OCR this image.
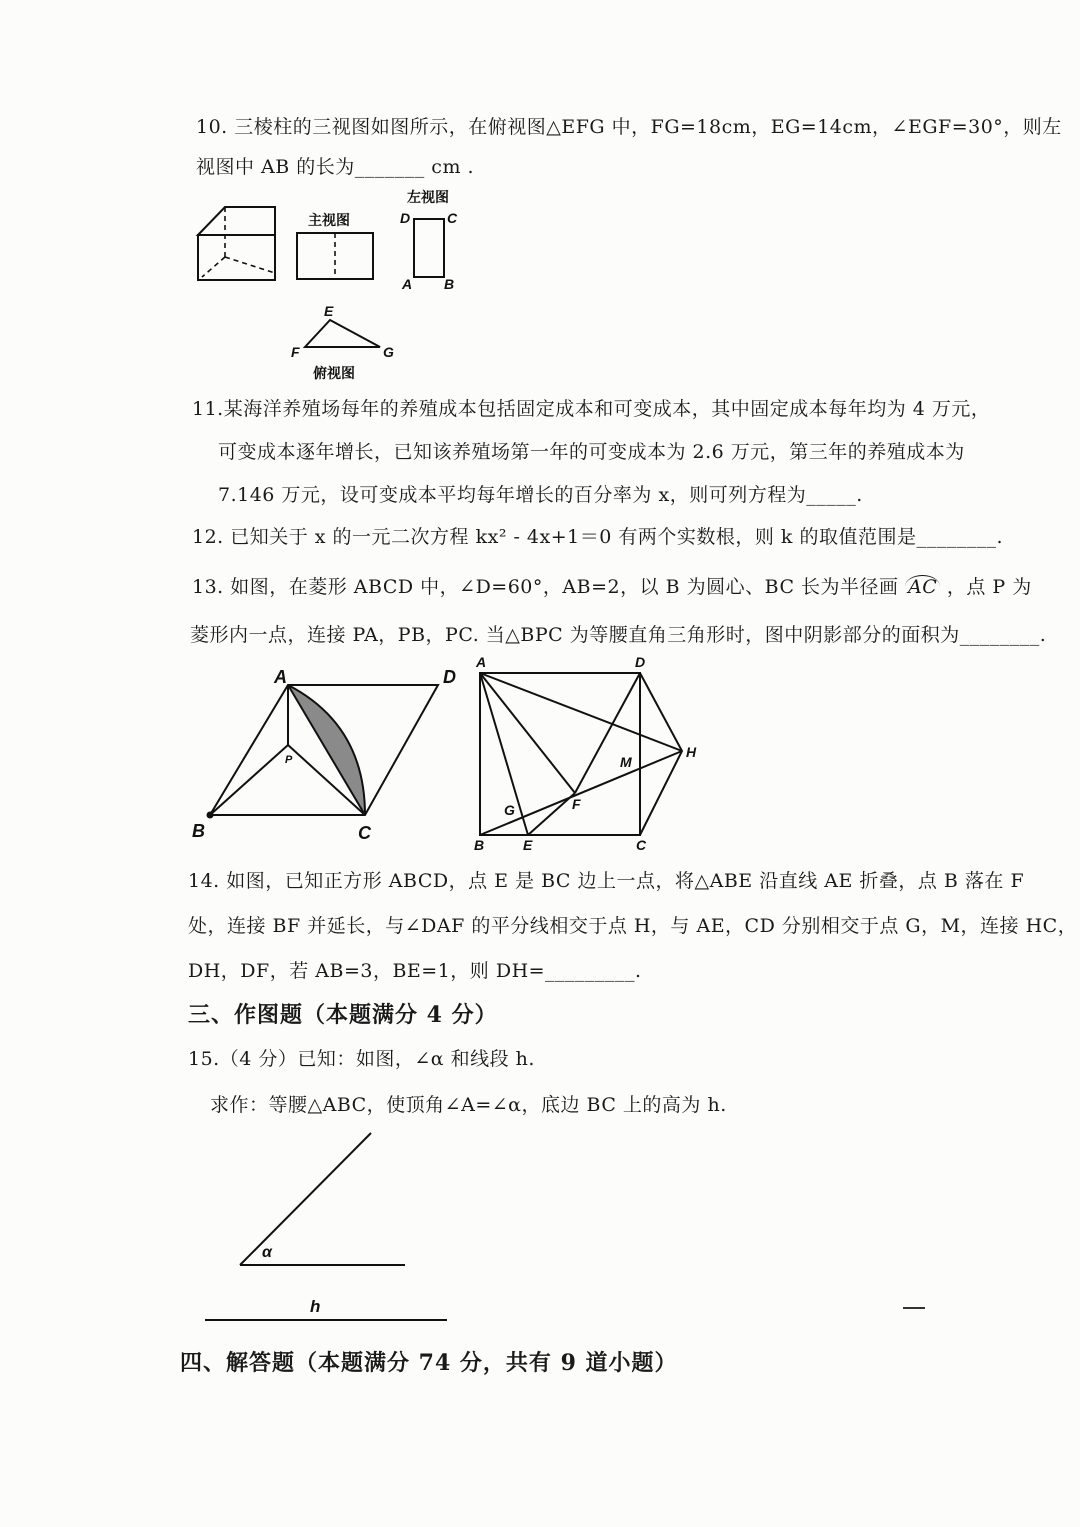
10. 三棱柱的三视图如图所示，在俯视图△EFG 中，FG=18cm，EG=14cm，∠EGF=30°，则左
视图中 AB 的长为_______ cm .
主视图
左视图
D	C
A B
E
F	G
俯视图
11.某海洋养殖场每年的养殖成本包括固定成本和可变成本，其中固定成本每年均为 4 万元，
可变成本逐年增长，已知该养殖场第一年的可变成本为 2.6 万元，第三年的养殖成本为
7.146 万元，设可变成本平均每年增长的百分率为 x，则可列方程为_____.
12. 已知关于 x 的一元二次方程 kx² - 4x+1＝0 有两个实数根，则 k 的取值范围是________.
13. 如图，在菱形 ABCD 中，∠D=60°，AB=2，以 B 为圆心、BC 长为半径画 AC ，点 P 为
菱形内一点，连接 PA，PB，PC. 当△BPC 为等腰直角三角形时，图中阴影部分的面积为________.
A	D
B	C
P
A	D
H
M
G	F
B	E	C
14. 如图，已知正方形 ABCD，点 E 是 BC 边上一点，将△ABE 沿直线 AE 折叠，点 B 落在 F
处，连接 BF 并延长，与∠DAF 的平分线相交于点 H，与 AE，CD 分别相交于点 G，M，连接 HC，
DH，DF，若 AB=3，BE=1，则 DH=_________.
三、作图题（本题满分 4 分）
15.（4 分）已知：如图，∠α 和线段 h.
求作：等腰△ABC，使顶角∠A=∠α，底边 BC 上的高为 h.
α
h
四、解答题（本题满分 74 分，共有 9 道小题）
